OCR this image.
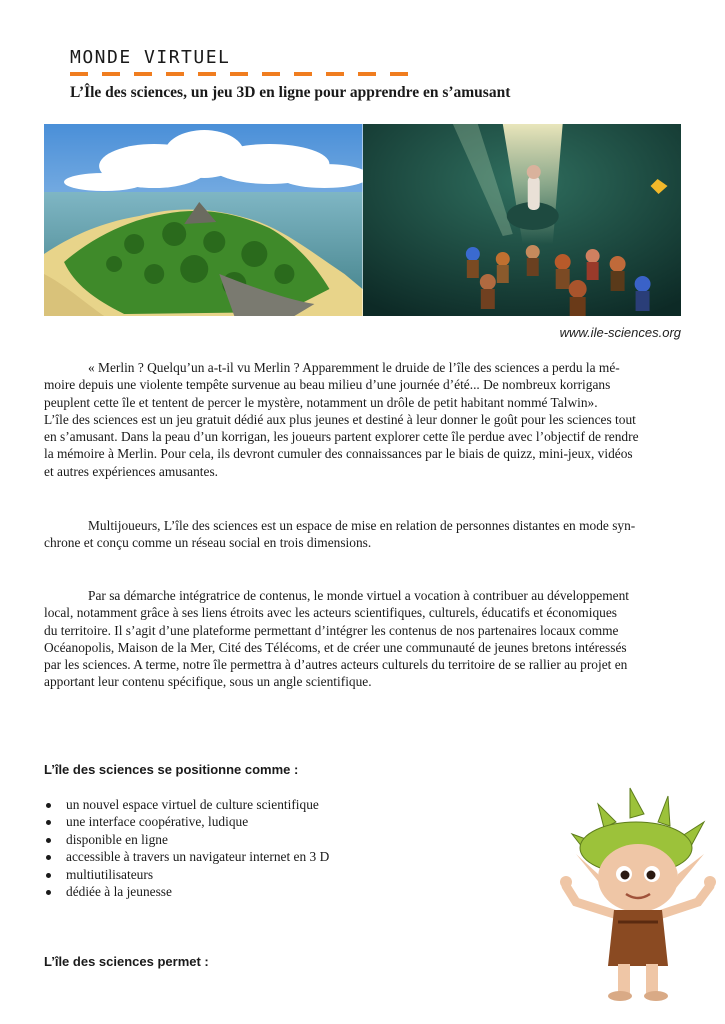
MONDE VIRTUEL
L’Île des sciences, un jeu 3D en ligne pour apprendre en s’amusant
www.ile-sciences.org
« Merlin ? Quelqu’un a-t-il vu Merlin ? Apparemment le druide de l’île des sciences a perdu la mé-
moire depuis une violente tempête survenue au beau milieu d’une journée d’été... De nombreux korrigans
peuplent cette île et tentent de percer le mystère, notamment un drôle de petit habitant nommé Talwin».
L’île des sciences est un jeu gratuit dédié aux plus jeunes et destiné à leur donner le goût pour les sciences tout
en s’amusant. Dans la peau d’un korrigan, les joueurs partent explorer cette île perdue avec l’objectif de rendre
la mémoire à Merlin. Pour cela, ils devront cumuler des connaissances par le biais de quizz, mini-jeux, vidéos
et autres expériences amusantes.
Multijoueurs, L’île des sciences est un espace de mise en relation de personnes distantes en mode syn-
chrone et conçu comme un réseau social en trois dimensions.
Par sa démarche intégratrice de contenus, le monde virtuel a vocation à contribuer au développement
local, notamment grâce à ses liens étroits avec les acteurs scientifiques, culturels, éducatifs et économiques
du territoire. Il s’agit d’une plateforme permettant d’intégrer les contenus de nos partenaires locaux comme
Océanopolis, Maison de la Mer, Cité des Télécoms, et de créer une communauté de jeunes bretons intéressés
par les sciences. A terme, notre île permettra à d’autres acteurs culturels du territoire de se rallier au projet en
apportant leur contenu spécifique, sous un angle scientifique.
L’île des sciences se positionne comme :
un nouvel espace virtuel de culture scientifique
une interface coopérative, ludique
disponible en ligne
accessible à travers un navigateur internet en 3 D
multiutilisateurs
dédiée à la jeunesse
L’île des sciences permet :
